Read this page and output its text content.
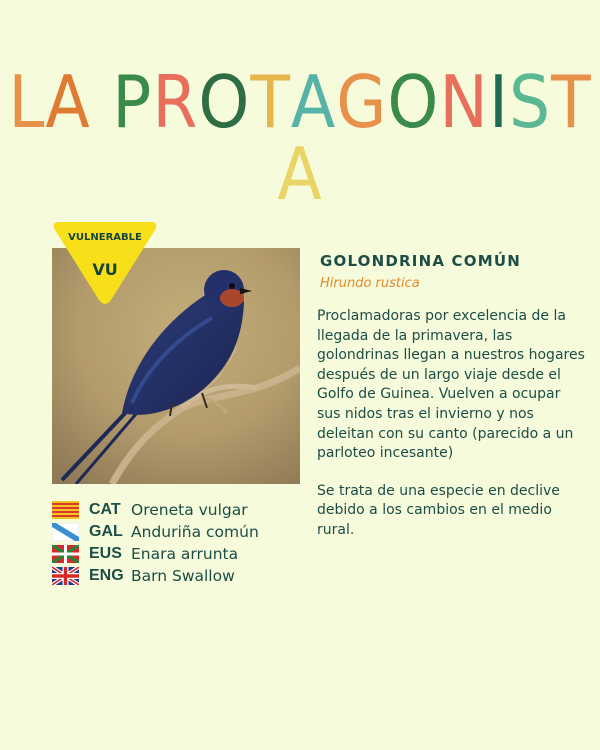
LA PROTAGONISTA
VULNERABLE
VU
CAT Oreneta vulgar
GAL Anduriña común
EUS Enara arrunta
ENG Barn Swallow
GOLONDRINA COMÚN
Hirundo rustica

Proclamadoras por excelencia de la llegada de la primavera, las golondrinas llegan a nuestros hogares después de un largo viaje desde el Golfo de Guinea. Vuelven a ocupar sus nidos tras el invierno y nos deleitan con su canto (parecido a un parloteo incesante)

Se trata de una especie en declive debido a los cambios en el medio rural.
